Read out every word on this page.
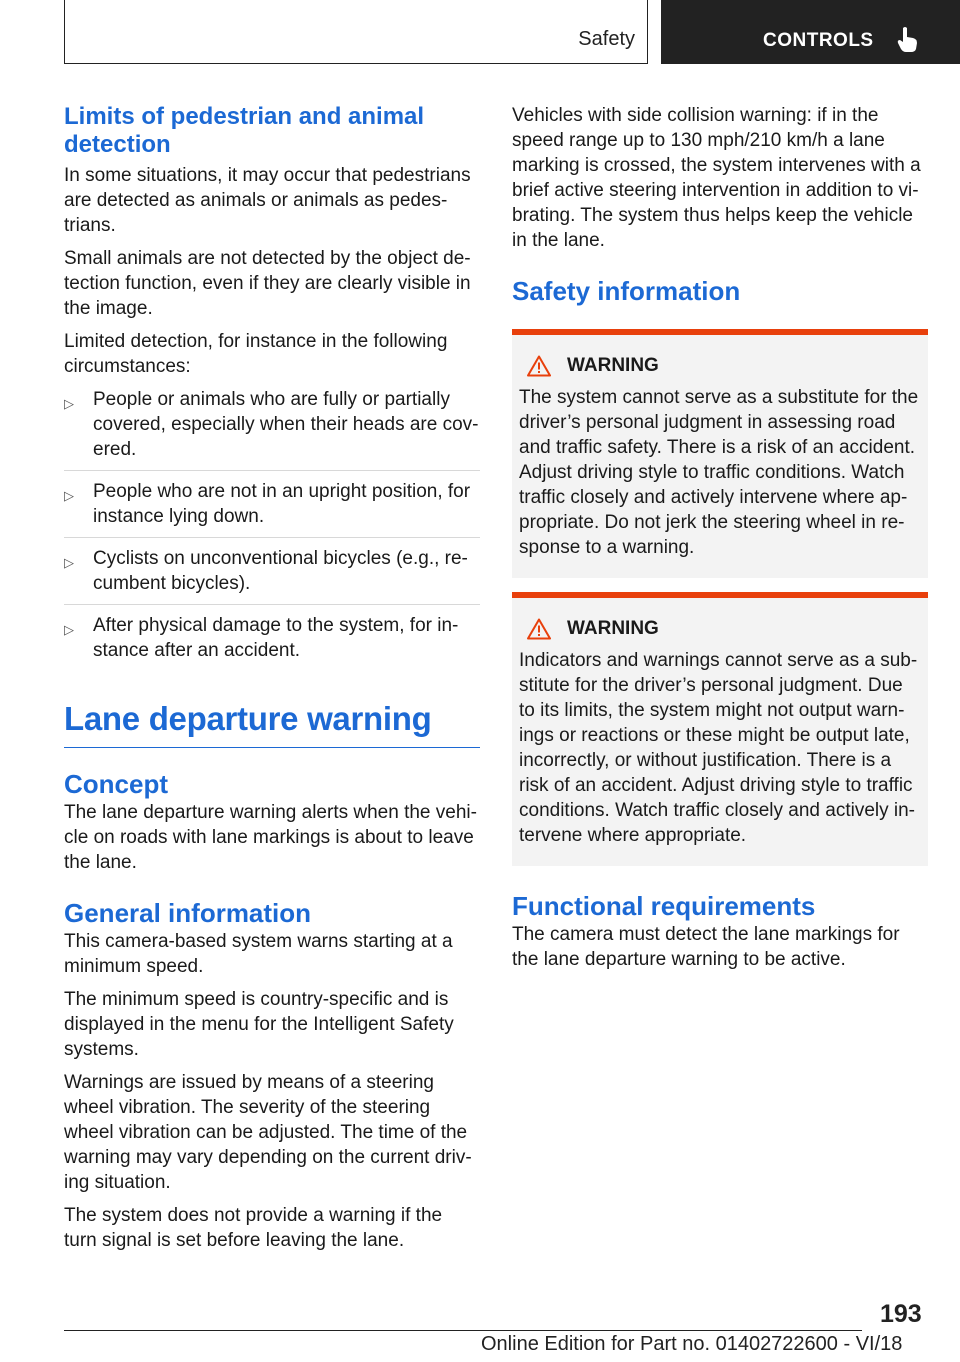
Safety	CONTROLS
Limits of pedestrian and animal detection

In some situations, it may occur that pedestrians are detected as animals or animals as pedes-trians.

Small animals are not detected by the object de-tection function, even if they are clearly visible in the image.

Limited detection, for instance in the following circumstances:

▷ People or animals who are fully or partially covered, especially when their heads are cov-ered.
▷ People who are not in an upright position, for instance lying down.
▷ Cyclists on unconventional bicycles (e.g., re-cumbent bicycles).
▷ After physical damage to the system, for in-stance after an accident.
Lane departure warning
Concept

The lane departure warning alerts when the vehi-cle on roads with lane markings is about to leave the lane.

General information

This camera-based system warns starting at a minimum speed.

The minimum speed is country-specific and is displayed in the menu for the Intelligent Safety systems.

Warnings are issued by means of a steering wheel vibration. The severity of the steering wheel vibration can be adjusted. The time of the warning may vary depending on the current driv-ing situation.

The system does not provide a warning if the turn signal is set before leaving the lane.

Vehicles with side collision warning: if in the speed range up to 130 mph/210 km/h a lane marking is crossed, the system intervenes with a brief active steering intervention in addition to vi-brating. The system thus helps keep the vehicle in the lane.

Safety information
WARNING
The system cannot serve as a substitute for the driver’s personal judgment in assessing road and traffic safety. There is a risk of an accident. Adjust driving style to traffic conditions. Watch traffic closely and actively intervene where ap-propriate. Do not jerk the steering wheel in re-sponse to a warning.
WARNING
Indicators and warnings cannot serve as a sub-stitute for the driver’s personal judgment. Due to its limits, the system might not output warn-ings or reactions or these might be output late, incorrectly, or without justification. There is a risk of an accident. Adjust driving style to traffic conditions. Watch traffic closely and actively in-tervene where appropriate.
Functional requirements

The camera must detect the lane markings for the lane departure warning to be active.

193
Online Edition for Part no. 01402722600 - VI/18
